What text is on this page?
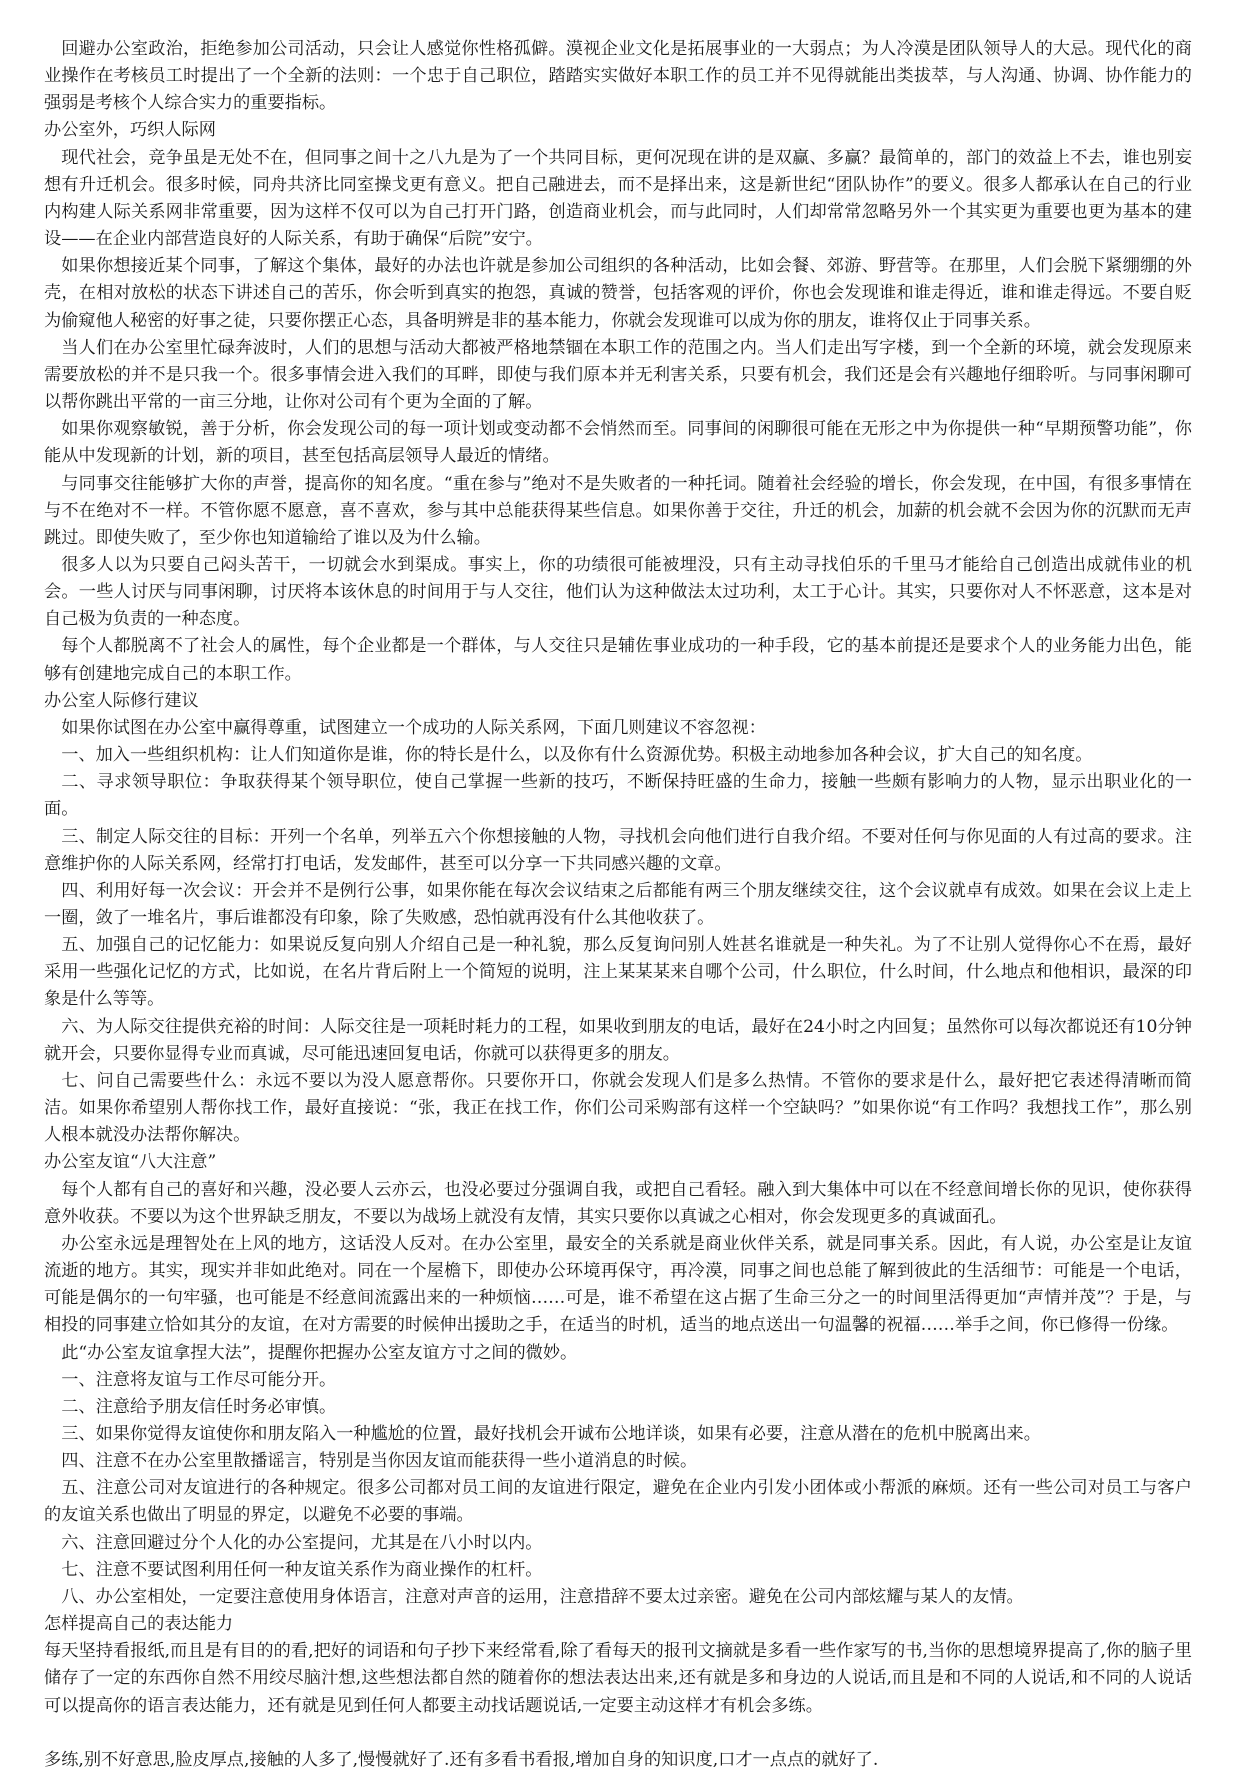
回避办公室政治，拒绝参加公司活动，只会让人感觉你性格孤僻。漠视企业文化是拓展事业的一大弱点；为人冷漠是团队领导人的大忌。现代化的商业操作在考核员工时提出了一个全新的法则：一个忠于自己职位，踏踏实实做好本职工作的员工并不见得就能出类拔萃，与人沟通、协调、协作能力的强弱是考核个人综合实力的重要指标。

办公室外，巧织人际网

现代社会，竞争虽是无处不在，但同事之间十之八九是为了一个共同目标，更何况现在讲的是双赢、多赢？最简单的，部门的效益上不去，谁也别妄想有升迁机会。很多时候，同舟共济比同室操戈更有意义。把自己融进去，而不是择出来，这是新世纪“团队协作”的要义。很多人都承认在自己的行业内构建人际关系网非常重要，因为这样不仅可以为自己打开门路，创造商业机会，而与此同时，人们却常常忽略另外一个其实更为重要也更为基本的建设——在企业内部营造良好的人际关系，有助于确保“后院”安宁。

如果你想接近某个同事，了解这个集体，最好的办法也许就是参加公司组织的各种活动，比如会餐、郊游、野营等。在那里，人们会脱下紧绷绷的外壳，在相对放松的状态下讲述自己的苦乐，你会听到真实的抱怨，真诚的赞誉，包括客观的评价，你也会发现谁和谁走得近，谁和谁走得远。不要自贬为偷窥他人秘密的好事之徒，只要你摆正心态，具备明辨是非的基本能力，你就会发现谁可以成为你的朋友，谁将仅止于同事关系。

当人们在办公室里忙碌奔波时，人们的思想与活动大都被严格地禁锢在本职工作的范围之内。当人们走出写字楼，到一个全新的环境，就会发现原来需要放松的并不是只我一个。很多事情会进入我们的耳畔，即使与我们原本并无利害关系，只要有机会，我们还是会有兴趣地仔细聆听。与同事闲聊可以帮你跳出平常的一亩三分地，让你对公司有个更为全面的了解。

如果你观察敏锐，善于分析，你会发现公司的每一项计划或变动都不会悄然而至。同事间的闲聊很可能在无形之中为你提供一种“早期预警功能”，你能从中发现新的计划，新的项目，甚至包括高层领导人最近的情绪。

与同事交往能够扩大你的声誉，提高你的知名度。“重在参与”绝对不是失败者的一种托词。随着社会经验的增长，你会发现，在中国，有很多事情在与不在绝对不一样。不管你愿不愿意，喜不喜欢，参与其中总能获得某些信息。如果你善于交往，升迁的机会，加薪的机会就不会因为你的沉默而无声跳过。即使失败了，至少你也知道输给了谁以及为什么输。

很多人以为只要自己闷头苦干，一切就会水到渠成。事实上，你的功绩很可能被埋没，只有主动寻找伯乐的千里马才能给自己创造出成就伟业的机会。一些人讨厌与同事闲聊，讨厌将本该休息的时间用于与人交往，他们认为这种做法太过功利，太工于心计。其实，只要你对人不怀恶意，这本是对自己极为负责的一种态度。

每个人都脱离不了社会人的属性，每个企业都是一个群体，与人交往只是辅佐事业成功的一种手段，它的基本前提还是要求个人的业务能力出色，能够有创建地完成自己的本职工作。

办公室人际修行建议

如果你试图在办公室中赢得尊重，试图建立一个成功的人际关系网，下面几则建议不容忽视：

一、加入一些组织机构：让人们知道你是谁，你的特长是什么，以及你有什么资源优势。积极主动地参加各种会议，扩大自己的知名度。

二、寻求领导职位：争取获得某个领导职位，使自己掌握一些新的技巧，不断保持旺盛的生命力，接触一些颇有影响力的人物，显示出职业化的一面。

三、制定人际交往的目标：开列一个名单，列举五六个你想接触的人物，寻找机会向他们进行自我介绍。不要对任何与你见面的人有过高的要求。注意维护你的人际关系网，经常打打电话，发发邮件，甚至可以分享一下共同感兴趣的文章。

四、利用好每一次会议：开会并不是例行公事，如果你能在每次会议结束之后都能有两三个朋友继续交往，这个会议就卓有成效。如果在会议上走上一圈，敛了一堆名片，事后谁都没有印象，除了失败感，恐怕就再没有什么其他收获了。

五、加强自己的记忆能力：如果说反复向别人介绍自己是一种礼貌，那么反复询问别人姓甚名谁就是一种失礼。为了不让别人觉得你心不在焉，最好采用一些强化记忆的方式，比如说，在名片背后附上一个简短的说明，注上某某某来自哪个公司，什么职位，什么时间，什么地点和他相识，最深的印象是什么等等。

六、为人际交往提供充裕的时间：人际交往是一项耗时耗力的工程，如果收到朋友的电话，最好在24小时之内回复；虽然你可以每次都说还有10分钟就开会，只要你显得专业而真诚，尽可能迅速回复电话，你就可以获得更多的朋友。

七、问自己需要些什么：永远不要以为没人愿意帮你。只要你开口，你就会发现人们是多么热情。不管你的要求是什么，最好把它表述得清晰而简洁。如果你希望别人帮你找工作，最好直接说：“张，我正在找工作，你们公司采购部有这样一个空缺吗？”如果你说“有工作吗？我想找工作”，那么别人根本就没办法帮你解决。

办公室友谊“八大注意”

每个人都有自己的喜好和兴趣，没必要人云亦云，也没必要过分强调自我，或把自己看轻。融入到大集体中可以在不经意间增长你的见识，使你获得意外收获。不要以为这个世界缺乏朋友，不要以为战场上就没有友情，其实只要你以真诚之心相对，你会发现更多的真诚面孔。

办公室永远是理智处在上风的地方，这话没人反对。在办公室里，最安全的关系就是商业伙伴关系，就是同事关系。因此，有人说，办公室是让友谊流逝的地方。其实，现实并非如此绝对。同在一个屋檐下，即使办公环境再保守，再冷漠，同事之间也总能了解到彼此的生活细节：可能是一个电话，可能是偶尔的一句牢骚，也可能是不经意间流露出来的一种烦恼……可是，谁不希望在这占据了生命三分之一的时间里活得更加“声情并茂”？于是，与相投的同事建立恰如其分的友谊，在对方需要的时候伸出援助之手，在适当的时机，适当的地点送出一句温馨的祝福……举手之间，你已修得一份缘。

此“办公室友谊拿捏大法”，提醒你把握办公室友谊方寸之间的微妙。

一、注意将友谊与工作尽可能分开。

二、注意给予朋友信任时务必审慎。

三、如果你觉得友谊使你和朋友陷入一种尴尬的位置，最好找机会开诚布公地详谈，如果有必要，注意从潜在的危机中脱离出来。

四、注意不在办公室里散播谣言，特别是当你因友谊而能获得一些小道消息的时候。

五、注意公司对友谊进行的各种规定。很多公司都对员工间的友谊进行限定，避免在企业内引发小团体或小帮派的麻烦。还有一些公司对员工与客户的友谊关系也做出了明显的界定，以避免不必要的事端。

六、注意回避过分个人化的办公室提问，尤其是在八小时以内。

七、注意不要试图利用任何一种友谊关系作为商业操作的杠杆。

八、办公室相处，一定要注意使用身体语言，注意对声音的运用，注意措辞不要太过亲密。避免在公司内部炫耀与某人的友情。

怎样提高自己的表达能力

每天坚持看报纸,而且是有目的的看,把好的词语和句子抄下来经常看,除了看每天的报刊文摘就是多看一些作家写的书,当你的思想境界提高了,你的脑子里储存了一定的东西你自然不用绞尽脑汁想,这些想法都自然的随着你的想法表达出来,还有就是多和身边的人说话,而且是和不同的人说话,和不同的人说话可以提高你的语言表达能力，还有就是见到任何人都要主动找话题说话,一定要主动这样才有机会多练。

多练,别不好意思,脸皮厚点,接触的人多了,慢慢就好了.还有多看书看报,增加自身的知识度,口才一点点的就好了.
